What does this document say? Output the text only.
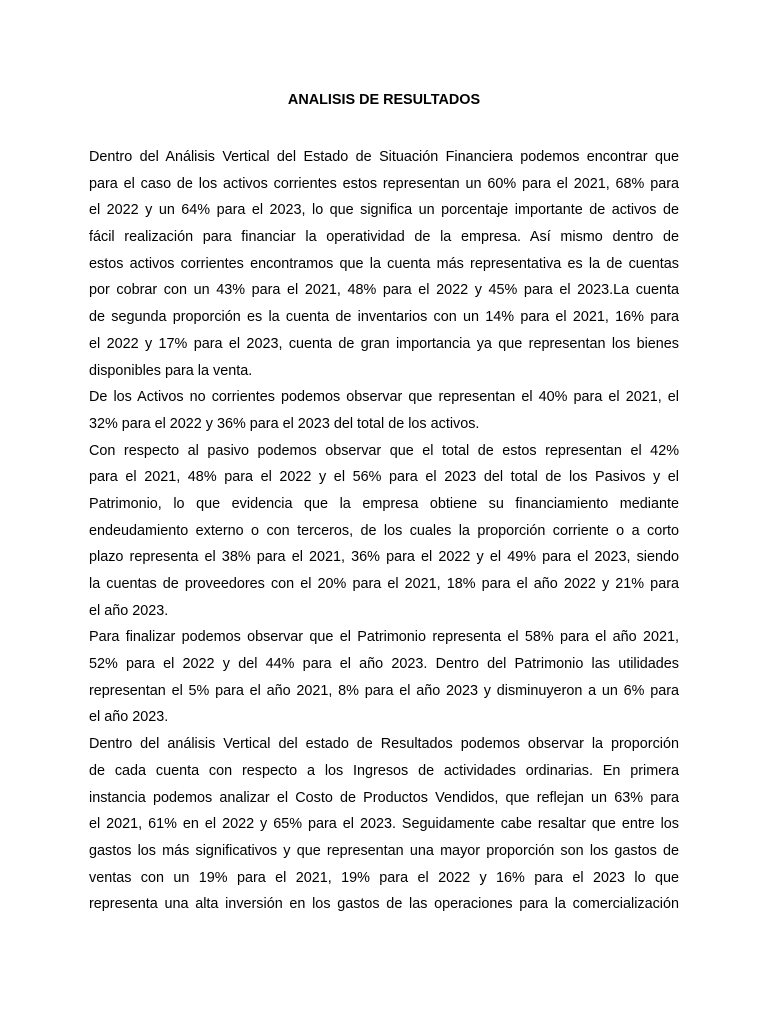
ANALISIS DE RESULTADOS
Dentro del Análisis Vertical del Estado de Situación Financiera podemos encontrar que
para el caso de los activos corrientes estos representan un 60% para el 2021, 68% para
el 2022 y un 64% para el 2023, lo que significa un porcentaje importante de activos de
fácil realización para financiar la operatividad de la empresa. Así mismo dentro de
estos activos corrientes encontramos que la cuenta más representativa es la de cuentas
por cobrar con un 43% para el 2021, 48% para el 2022 y 45% para el 2023.La cuenta
de segunda proporción es la cuenta de inventarios con un 14% para el 2021, 16% para
el 2022 y 17% para el 2023, cuenta de gran importancia ya que representan los bienes
disponibles para la venta.
De los Activos no corrientes podemos observar que representan el 40% para el 2021, el
32% para el 2022 y 36% para el 2023 del total de los activos.
Con respecto al pasivo podemos observar que el total de estos representan el 42%
para el 2021, 48% para el 2022 y el 56% para el 2023 del total de los Pasivos y el
Patrimonio, lo que evidencia que la empresa obtiene su financiamiento mediante
endeudamiento externo o con terceros, de los cuales la proporción corriente o a corto
plazo representa el 38% para el 2021, 36% para el 2022 y el 49% para el 2023, siendo
la cuentas de proveedores con el 20% para el 2021, 18% para el año 2022 y 21% para
el año 2023.
Para finalizar podemos observar que el Patrimonio representa el 58% para el año 2021,
52% para el 2022 y del 44% para el año 2023. Dentro del Patrimonio las utilidades
representan el 5% para el año 2021, 8% para el año 2023 y disminuyeron a un 6% para
el año 2023.
Dentro del análisis Vertical del estado de Resultados podemos observar la proporción
de cada cuenta con respecto a los Ingresos de actividades ordinarias. En primera
instancia podemos analizar el Costo de Productos Vendidos, que reflejan un 63% para
el 2021, 61% en el 2022 y 65% para el 2023. Seguidamente cabe resaltar que entre los
gastos los más significativos y que representan una mayor proporción son los gastos de
ventas con un 19% para el 2021, 19% para el 2022 y 16% para el 2023 lo que
representa una alta inversión en los gastos de las operaciones para la comercialización
